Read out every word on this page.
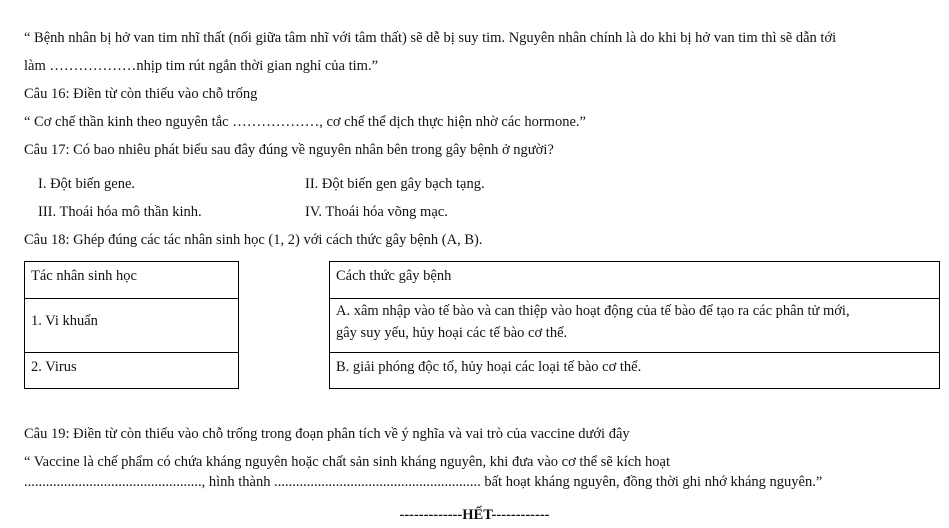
“ Bệnh nhân bị hở van tim nhĩ thất (nối giữa tâm nhĩ với tâm thất) sẽ dễ bị suy tim. Nguyên nhân chính là do khi bị hở van tim thì sẽ dẫn tới
làm ………………nhịp tim rút ngắn thời gian nghỉ của tim.”
Câu 16: Điền từ còn thiếu vào chỗ trống
“ Cơ chế thần kinh theo nguyên tắc ………………, cơ chế thể dịch thực hiện nhờ các hormone.”
Câu 17: Có bao nhiêu phát biểu sau đây đúng về nguyên nhân bên trong gây bệnh ở người?
I. Đột biến gene.	II. Đột biến gen gây bạch tạng.
III. Thoái hóa mô thần kinh.	IV. Thoái hóa võng mạc.
Câu 18: Ghép đúng các tác nhân sinh học (1, 2) với cách thức gây bệnh (A, B).
Tác nhân sinh học
1. Vi khuẩn
2. Virus
Cách thức gây bệnh
A. xâm nhập vào tế bào và can thiệp vào hoạt động của tế bào để tạo ra các phân tử mới,
gây suy yếu, hủy hoại các tế bào cơ thể.
B. giải phóng độc tố, hủy hoại các loại tế bào cơ thể.
Câu 19: Điền từ còn thiếu vào chỗ trống trong đoạn phân tích về ý nghĩa và vai trò của vaccine dưới đây
“ Vaccine là chế phẩm có chứa kháng nguyên hoặc chất sản sinh kháng nguyên, khi đưa vào cơ thể sẽ kích hoạt
................................................., hình thành ......................................................... bất hoạt kháng nguyên, đồng thời ghi nhớ kháng nguyên.”
-------------HẾT------------
